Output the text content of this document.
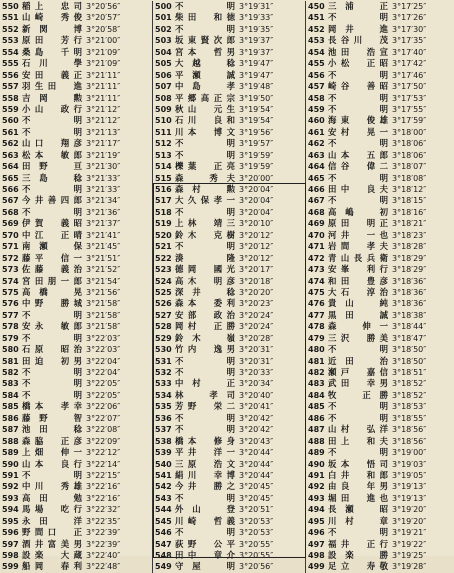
550 稲上　忠司 3°20′56″
551 山崎　秀俊 3°20′57″
552 新関　博 3°20′58″
553 原田　芳行 3°21′00″
554 桑島　千明 3°21′09″
555 石川　學 3°21′09″
556 安田　義正 3°21′11″
557 羽生田　進 3°21′11″
558 吉岡　勲 3°21′11″
559 小山　政行 3°21′12″
560 不　明 3°21′12″
561 不　明 3°21′13″
562 山口　翔彦 3°21′17″
563 松本　敏郎 3°21′19″
564 田野　亘 3°21′30″
565 三島　稔 3°21′33″
566 不　明 3°21′33″
567 今井善四郎 3°21′34″
568 不　明 3°21′36″
569 伊賀　義昭 3°21′37″
570 中江　正晴 3°21′41″
571 南瀬　保 3°21′45″
572 藤平　信一 3°21′51″
573 佐藤　義治 3°21′52″
574 宮田朋一郎 3°21′54″
575 高橋　晃 3°21′56″
576 中野　勝城 3°21′58″
577 不　明 3°21′58″
578 安永　敏郎 3°21′58″
579 不　明 3°22′03″
580 石原　昭治 3°22′03″
581 田迫　初男 3°22′04″
582 不　明 3°22′04″
583 不　明 3°22′05″
584 不　明 3°22′05″
585 橋本　孝幸 3°22′06″
586 藤野　智 3°22′07″
587 池田　稔 3°22′08″
588 森脇　正彦 3°22′09″
589 上畑　伸一 3°22′12″
590 山本　良行 3°22′14″
591 不　明 3°22′15″
592 中川　秀雄 3°22′16″
593 高田　勉 3°22′16″
594 馬場　吃行 3°22′32″
595 永田　洋 3°22′35″
596 野間口　正 3°22′39″
597 酒井富美男 3°22′39″
598 設楽　大蔵 3°22′40″
599 船岡　春利 3°22′48″
500 不　明 3°19′31″
501 柴田　和徳 3°19′33″
502 不　明 3°19′35″
503 坂東賢次郎 3°19′37″
504 宮本　哲男 3°19′37″
505 大越　稔 3°19′47″
506 平瀬　誠 3°19′47″
507 中島　孝 3°19′48″
508 平郷高正宗 3°19′50″
509 秋山　元生 3°19′54″
510 石川　良和 3°19′54″
511 川本　博文 3°19′56″
512 不　明 3°19′57″
513 不　明 3°19′59″
514 櫟葉　正亮 3°19′59″
515 森　秀夫 3°20′00″
516 森村　勲 3°20′04″
517 大久保孝一 3°20′04″
518 不　明 3°20′04″
519 上林　靖三 3°20′10″
520 鈴木　克樹 3°20′12″
521 不　明 3°20′12″
522 湊　隆 3°20′12″
523 德岡　國光 3°20′17″
524 高木　明彦 3°20′18″
525 深井　稔 3°20′20″
526 森本　委利 3°20′23″
527 安部　政治 3°20′24″
528 岡村　正勝 3°20′24″
529 鈴木　嶺 3°20′28″
530 竹内　逸男 3°20′31″
531 不　明 3°20′31″
532 不　明 3°20′33″
533 中村　正 3°20′34″
534 林　孝司 3°20′40″
535 芳野　栄二 3°20′41″
536 不　明 3°20′42″
537 不　明 3°20′42″
538 橋本　修身 3°20′43″
539 平井　洋一 3°20′44″
540 三原　浩文 3°20′44″
541 絹川　幸博 3°20′44″
542 今井　勝之 3°20′45″
543 不　明 3°20′45″
544 外山　登 3°20′51″
545 川崎　哲義 3°20′53″
546 不　明 3°20′53″
547 荻野　公平 3°20′55″
548 田中　章介 3°20′55″
549 守屋　明 3°20′56″
450 三浦　正 3°17′25″
451 不　明 3°17′26″
452 岡井　進 3°17′30″
453 長谷川　茂 3°17′35″
454 池田　浩宣 3°17′40″
455 小松　正昭 3°17′42″
456 不　明 3°17′46″
457 崎谷　善昭 3°17′50″
458 不　明 3°17′53″
459 不　明 3°17′55″
460 海東　俊雄 3°17′59″
461 安村　晃一 3°18′00″
462 不　明 3°18′06″
463 山本　五郎 3°18′06″
464 信谷　偉二 3°18′07″
465 不　明 3°18′08″
466 田中　良夫 3°18′12″
467 不　明 3°18′15″
468 高嶋　初 3°18′16″
469 原田　明正 3°18′21″
470 河井　一也 3°18′23″
471 岩間　孝夫 3°18′28″
472 青山長兵衛 3°18′29″
473 安峯　利行 3°18′29″
474 和田　豊彦 3°18′36″
475 大石　淳治 3°18′36″
476 貴山　純 3°18′36″
477 黒田　誠 3°18′38″
478 森　伸一 3°18′44″
479 三沢　勝美 3°18′47″
480 不　明 3°18′50″
481 近田　治 3°18′50″
482 瀬戸　嘉信 3°18′51″
483 武田　幸男 3°18′52″
484 牧　正勝 3°18′52″
485 不　明 3°18′53″
486 不　明 3°18′55″
487 山村　弘洋 3°18′56″
488 田上　和夫 3°18′56″
489 不　明 3°19′00″
490 坂本　悟司 3°19′03″
491 白井　和郎 3°19′05″
492 由良　年男 3°19′13″
493 堀田　進也 3°19′13″
494 長瀬　昭 3°19′20″
495 川村　章 3°19′20″
496 不　明 3°19′21″
497 福井　正行 3°19′22″
498 設楽　勝 3°19′25″
499 足立　寿敬 3°19′28″
